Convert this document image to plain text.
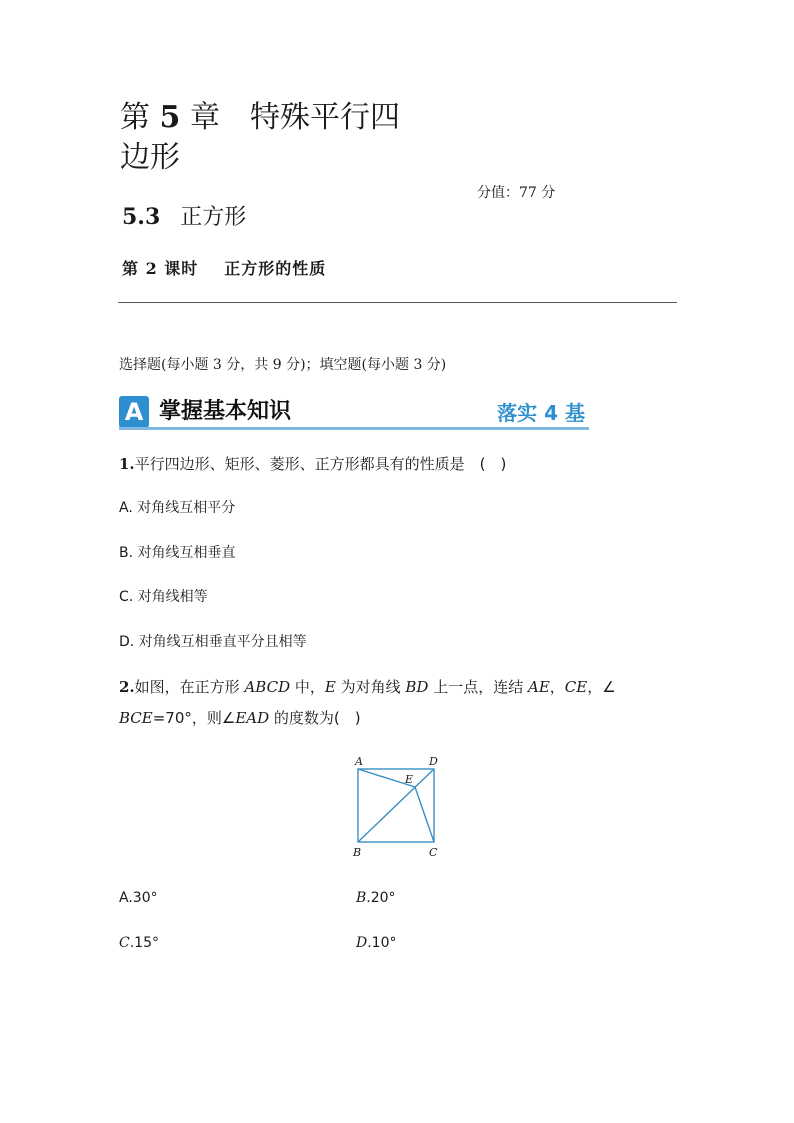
第 5 章 特殊平行四
边形
分值：77 分
5.3 正方形
第 2 课时 正方形的性质
选择题(每小题 3 分，共 9 分)；填空题(每小题 3 分)
A 掌握基本知识	落实 4 基
1.平行四边形、矩形、菱形、正方形都具有的性质是　(　)
A. 对角线互相平分
B. 对角线互相垂直
C. 对角线相等
D. 对角线互相垂直平分且相等
2.如图，在正方形 ABCD 中，E 为对角线 BD 上一点，连结 AE，CE，∠
BCE=70°，则∠EAD 的度数为(　)
A	D
E
B	C
A.30°	B.20°
C.15°	D.10°
